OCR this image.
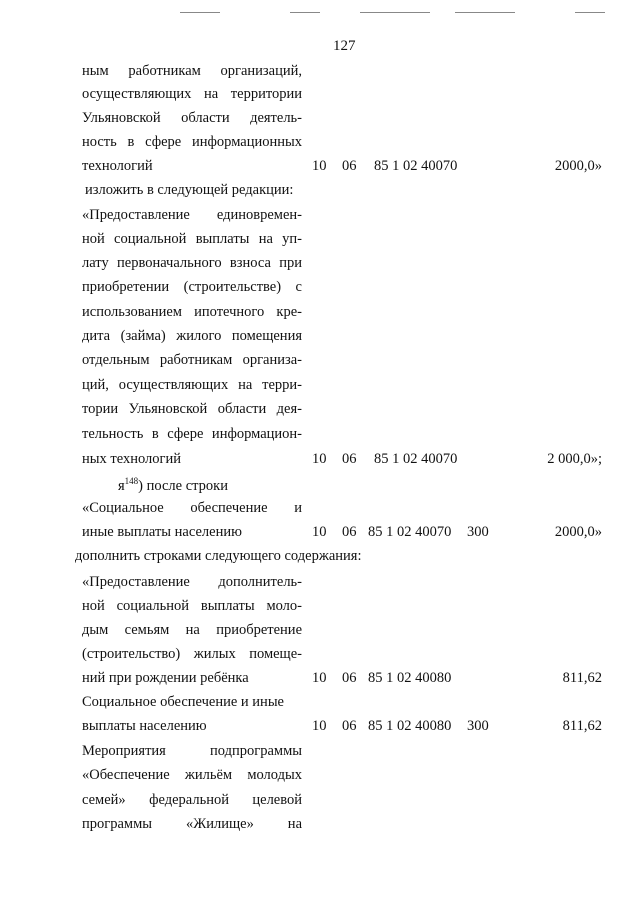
127
ным работникам организаций,
осуществляющих на территории
Ульяновской области деятель-
ность в сфере информационных
технологий	10 06 85 1 02 40070	2000,0»
изложить в следующей редакции:
«Предоставление единовремен-
ной социальной выплаты на уп-
лату первоначального взноса при
приобретении (строительстве) с
использованием ипотечного кре-
дита (займа) жилого помещения
отдельным работникам организа-
ций, осуществляющих на терри-
тории Ульяновской области дея-
тельность в сфере информацион-
ных технологий	10 06 85 1 02 40070	2 000,0»;
$я^{148}$) после строки
«Социальное обеспечение и
иные выплаты населению	10 06 85 1 02 40070 300	2000,0»
дополнить строками следующего содержания:
«Предоставление дополнитель-
ной социальной выплаты моло-
дым семьям на приобретение
(строительство) жилых помещe-
ний при рождении ребёнка	10 06 85 1 02 40080	811,62
Социальное обеспечение и иные
выплаты населению	10 06 85 1 02 40080 300	811,62
Мероприятия подпрограммы
«Обеспечение жильём молодых
семей» федеральной целевой
программы «Жилище» на
